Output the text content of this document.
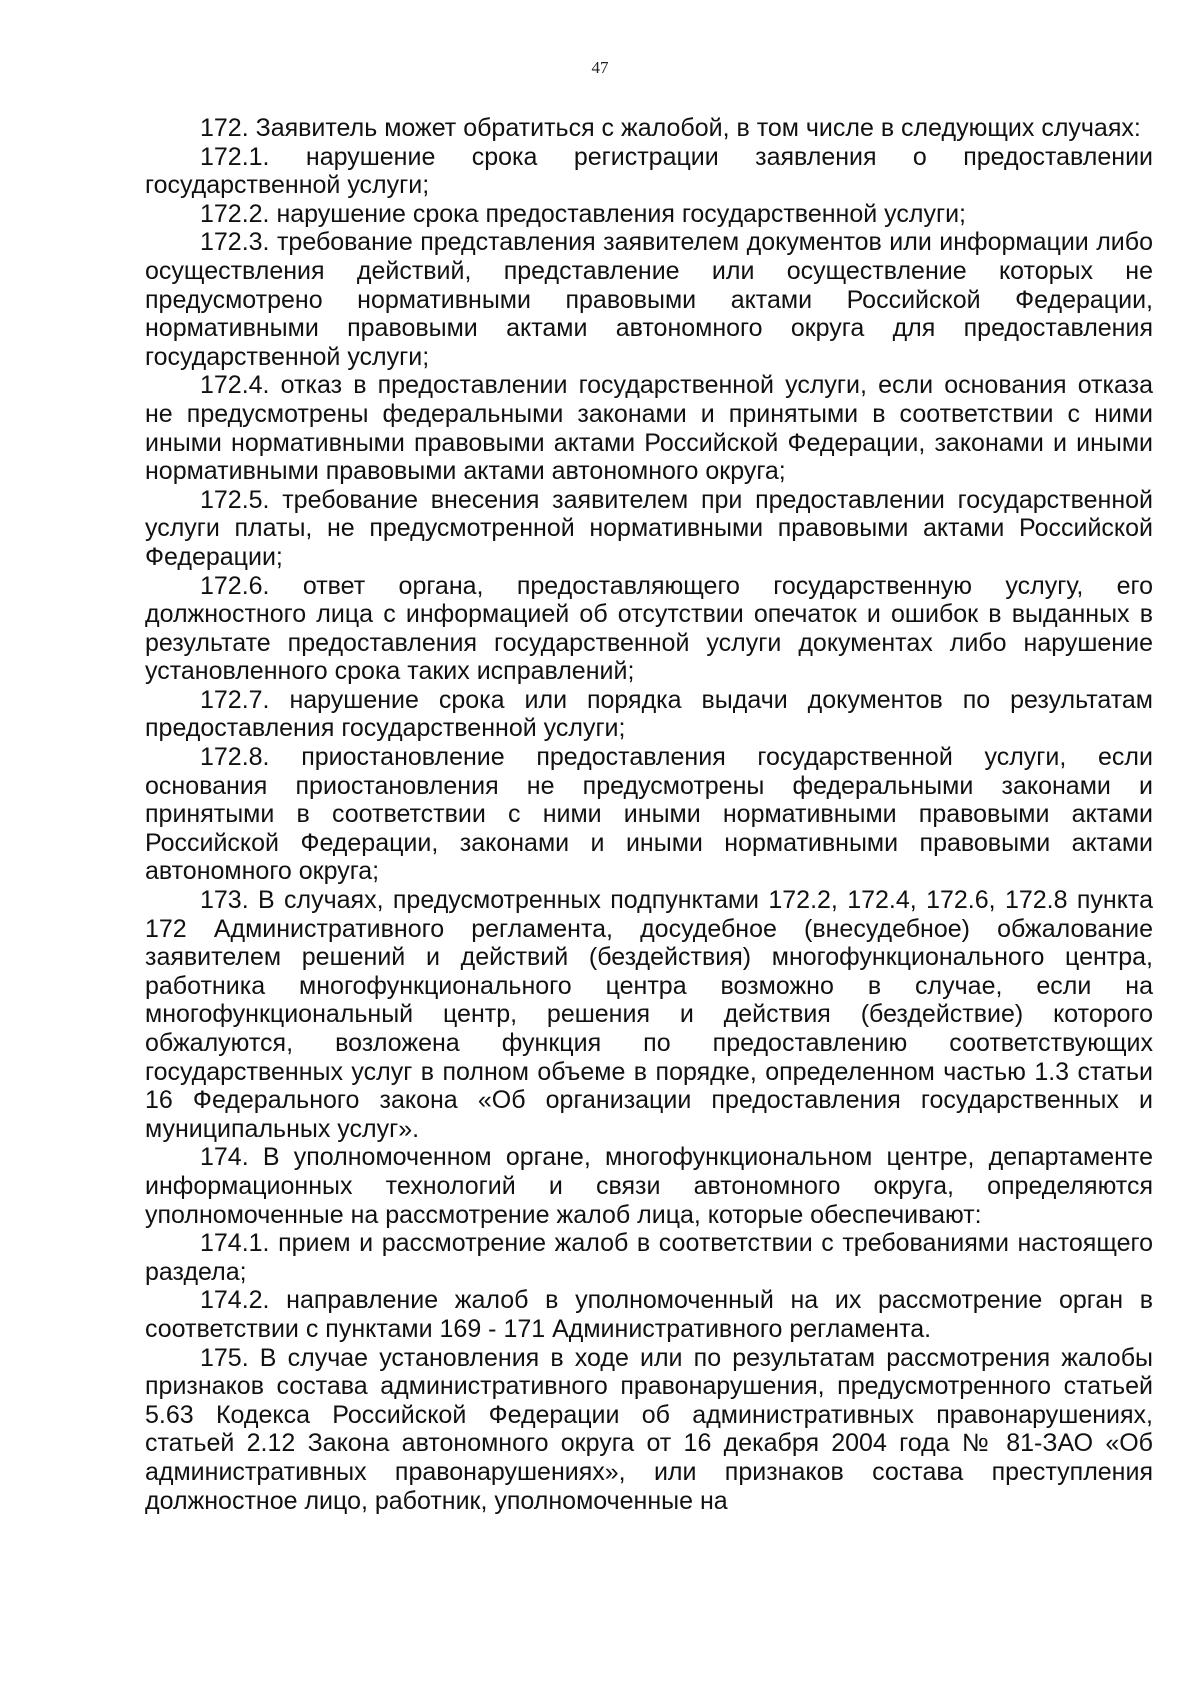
47

172. Заявитель может обратиться с жалобой, в том числе в следующих случаях:

172.1. нарушение срока регистрации заявления о предоставлении государственной услуги;

172.2. нарушение срока предоставления государственной услуги;

172.3. требование представления заявителем документов или информации либо осуществления действий, представление или осуществление которых не предусмотрено нормативными правовыми актами Российской Федерации, нормативными правовыми актами автономного округа для предоставления государственной услуги;

172.4. отказ в предоставлении государственной услуги, если основания отказа не предусмотрены федеральными законами и принятыми в соответствии с ними иными нормативными правовыми актами Российской Федерации, законами и иными нормативными правовыми актами автономного округа;

172.5. требование внесения заявителем при предоставлении государственной услуги платы, не предусмотренной нормативными правовыми актами Российской Федерации;

172.6. ответ органа, предоставляющего государственную услугу, его должностного лица с информацией об отсутствии опечаток и ошибок в выданных в результате предоставления государственной услуги документах либо нарушение установленного срока таких исправлений;

172.7. нарушение срока или порядка выдачи документов по результатам предоставления государственной услуги;

172.8. приостановление предоставления государственной услуги, если основания приостановления не предусмотрены федеральными законами и принятыми в соответствии с ними иными нормативными правовыми актами Российской Федерации, законами и иными нормативными правовыми актами автономного округа;

173. В случаях, предусмотренных подпунктами 172.2, 172.4, 172.6, 172.8 пункта 172 Административного регламента, досудебное (внесудебное) обжалование заявителем решений и действий (бездействия) многофункционального центра, работника многофункционального центра возможно в случае, если на многофункциональный центр, решения и действия (бездействие) которого обжалуются, возложена функция по предоставлению соответствующих государственных услуг в полном объеме в порядке, определенном частью 1.3 статьи 16 Федерального закона «Об организации предоставления государственных и муниципальных услуг».

174. В уполномоченном органе, многофункциональном центре, департаменте информационных технологий и связи автономного округа, определяются уполномоченные на рассмотрение жалоб лица, которые обеспечивают:

174.1. прием и рассмотрение жалоб в соответствии с требованиями настоящего раздела;

174.2. направление жалоб в уполномоченный на их рассмотрение орган в соответствии с пунктами 169 - 171 Административного регламента.

175. В случае установления в ходе или по результатам рассмотрения жалобы признаков состава административного правонарушения, предусмотренного статьей 5.63 Кодекса Российской Федерации об административных правонарушениях, статьей 2.12 Закона автономного округа от 16 декабря 2004 года № 81-ЗАО «Об административных правонарушениях», или признаков состава преступления должностное лицо, работник, уполномоченные на
